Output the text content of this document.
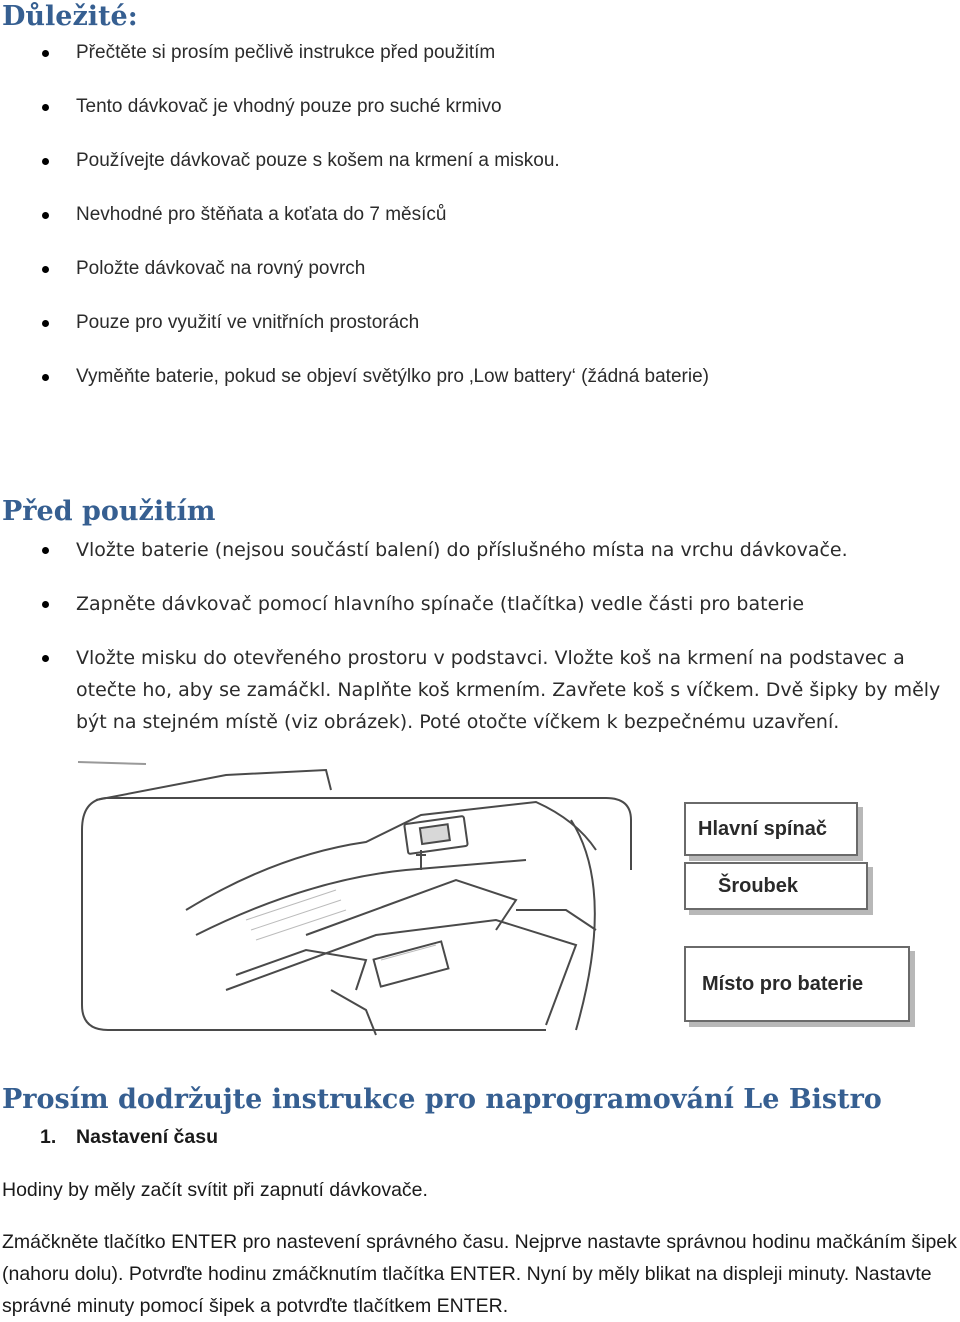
Důležité:
Přečtěte si prosím pečlivě instrukce před použitím
Tento dávkovač je vhodný pouze pro suché krmivo
Používejte dávkovač pouze s košem na krmení a miskou.
Nevhodné pro štěňata a koťata do 7 měsíců
Položte dávkovač na rovný povrch
Pouze pro využití ve vnitřních prostorách
Vyměňte baterie, pokud se objeví světýlko pro ‚Low battery‘ (žádná baterie)
Před použitím
Vložte baterie (nejsou součástí balení) do příslušného místa na vrchu dávkovače.
Zapněte dávkovač pomocí hlavního spínače (tlačítka) vedle části pro baterie
Vložte misku do otevřeného prostoru v podstavci. Vložte koš na krmení na podstavec a otečte ho, aby se zamáčkl. Naplňte koš krmením. Zavřete koš s víčkem. Dvě šipky by měly být na stejném místě (viz obrázek). Poté otočte víčkem k bezpečnému uzavření.
Hlavní spínač
Šroubek
Místo pro baterie
Prosím dodržujte instrukce pro naprogramování Le Bistro
1. Nastavení času

Hodiny by měly začít svítit při zapnutí dávkovače.

Zmáčkněte tlačítko ENTER pro nastevení správného času. Nejprve nastavte správnou hodinu mačkáním šipek (nahoru dolu). Potvrďte hodinu zmáčknutím tlačítka ENTER. Nyní by měly blikat na displeji minuty. Nastavte správné minuty pomocí šipek a potvrďte tlačítkem ENTER.
